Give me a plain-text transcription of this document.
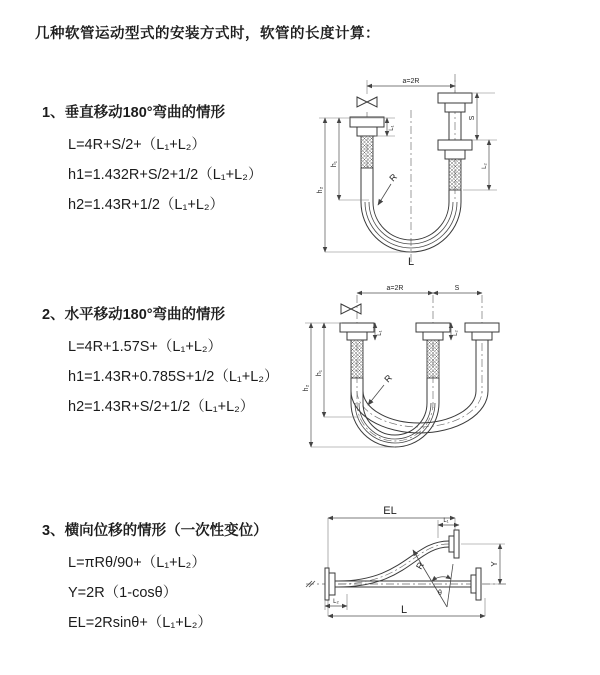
几种软管运动型式的安装方式时，软管的长度计算：
1、垂直移动180°弯曲的情形
L=4R+S/2+（L₁+L₂）
h1=1.432R+S/2+1/2（L₁+L₂）
h2=1.43R+1/2（L₁+L₂）
2、水平移动180°弯曲的情形
L=4R+1.57S+（L₁+L₂）
h1=1.43R+0.785S+1/2（L₁+L₂）
h2=1.43R+S/2+1/2（L₁+L₂）
3、横向位移的情形（一次性变位）
L=πRθ/90+（L₁+L₂）
Y=2R（1-cosθ）
EL=2Rsinθ+（L₁+L₂）
a=2R
R
h₁
h₂
L₁
S
L₂
L
a=2R	S
R
h₁
h₂
L₁	L₂
EL
L₁
R
θ
Y
L₂
L
